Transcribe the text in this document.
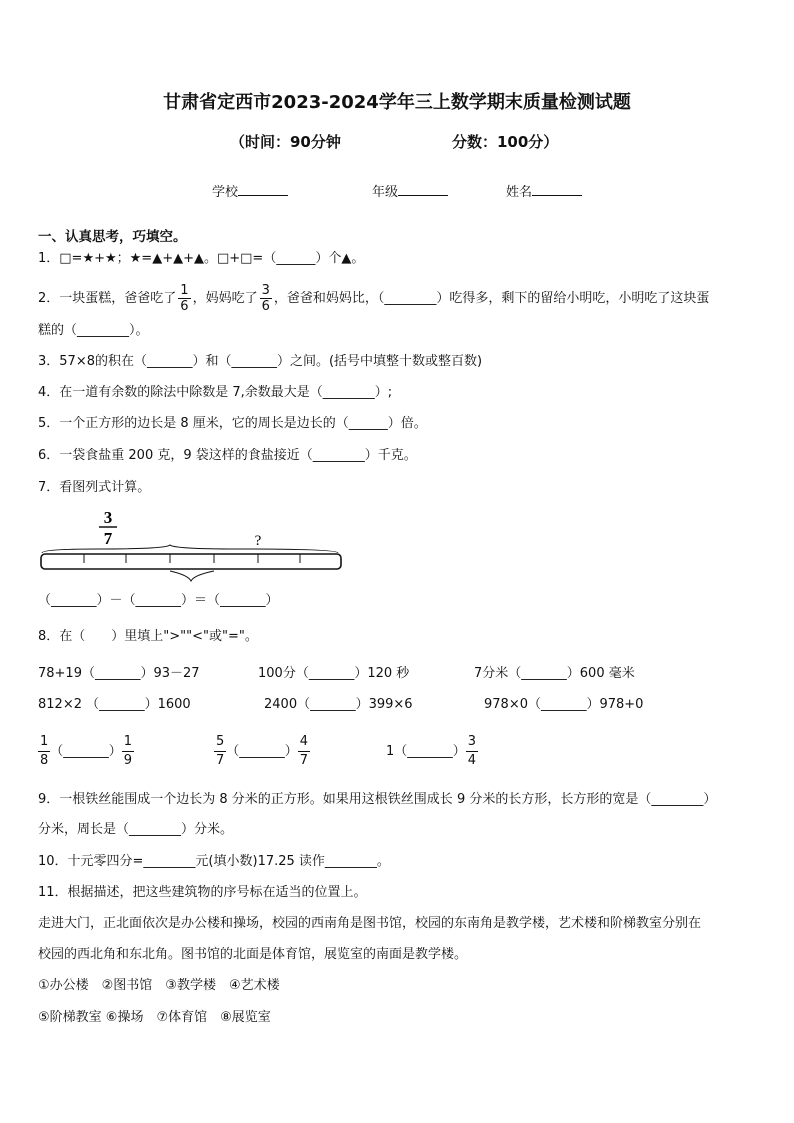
甘肃省定西市2023-2024学年三上数学期末质量检测试题
（时间：90分钟	分数：100分）
学校	年级	姓名
一、认真思考，巧填空。
1．□=★+★；★=▲+▲+▲。□+□=（______）个▲。
2．一块蛋糕，爸爸吃了 $\frac{1}{6}$ ，妈妈吃了 $\frac{3}{6}$ ，爸爸和妈妈比，（________）吃得多，剩下的留给小明吃，小明吃了这块蛋
糕的（________）。
3．57×8的积在（_______）和（_______）之间。(括号中填整十数或整百数)
4．在一道有余数的除法中除数是 7,余数最大是（________）;
5．一个正方形的边长是 8 厘米，它的周长是边长的（______）倍。
6．一袋食盐重 200 克，9 袋这样的食盐接近（________）千克。
7．看图列式计算。
3
7	?
（_______）－（_______）＝（_______）
8．在（　　）里填上">""<"或"="。
78+19（_______）93－27	100分（_______）120 秒	7分米（_______）600 毫米
812×2 （_______）1600	2400（_______）399×6	978×0（_______）978+0
$\frac{1}{8}$ （_______） $\frac{1}{9}$	$\frac{5}{7}$ （_______） $\frac{4}{7}$	1（_______） $\frac{3}{4}$
9．一根铁丝能围成一个边长为 8 分米的正方形。如果用这根铁丝围成长 9 分米的长方形，长方形的宽是（________）
分米，周长是（________）分米。
10．十元零四分=________元(填小数)17.25 读作________。
11．根据描述，把这些建筑物的序号标在适当的位置上。
走进大门，正北面依次是办公楼和操场，校园的西南角是图书馆，校园的东南角是教学楼，艺术楼和阶梯教室分别在
校园的西北角和东北角。图书馆的北面是体育馆，展览室的南面是教学楼。
①办公楼　②图书馆　③教学楼　④艺术楼
⑤阶梯教室 ⑥操场　⑦体育馆　⑧展览室
